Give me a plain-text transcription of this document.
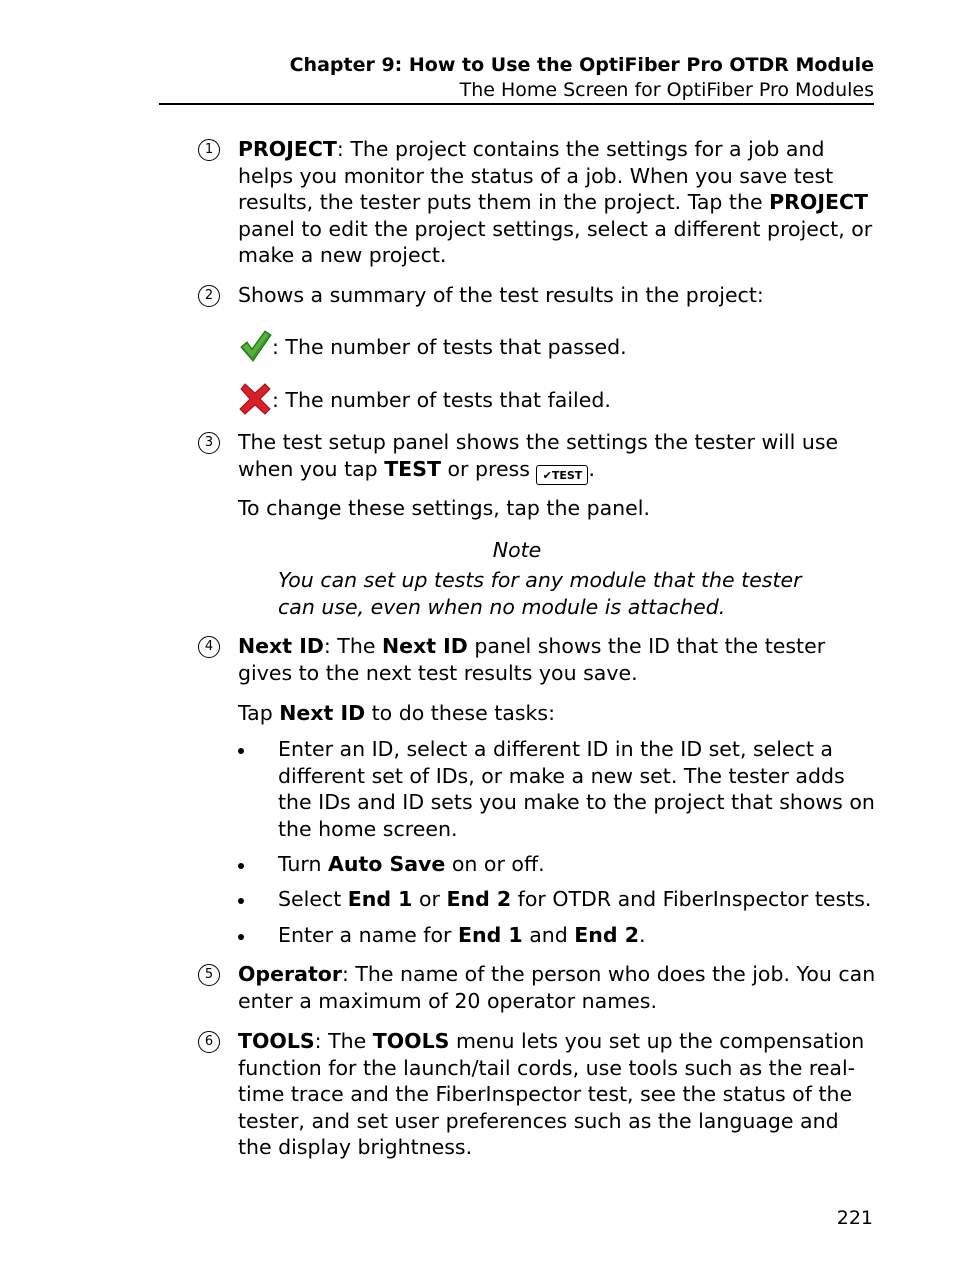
Chapter 9: How to Use the OptiFiber Pro OTDR Module
The Home Screen for OptiFiber Pro Modules
1	PROJECT: The project contains the settings for a job and helps you monitor the status of a job. When you save test results, the tester puts them in the project. Tap the PROJECT panel to edit the project settings, select a different project, or make a new project.
2	Shows a summary of the test results in the project:
: The number of tests that passed.
: The number of tests that failed.
3	The test setup panel shows the settings the tester will use when you tap TEST or press ✔TEST .
To change these settings, tap the panel.
Note
You can set up tests for any module that the tester can use, even when no module is attached.
4	Next ID: The Next ID panel shows the ID that the tester gives to the next test results you save.
Tap Next ID to do these tasks:
Enter an ID, select a different ID in the ID set, select a different set of IDs, or make a new set. The tester adds the IDs and ID sets you make to the project that shows on the home screen.
Turn Auto Save on or off.
Select End 1 or End 2 for OTDR and FiberInspector tests.
Enter a name for End 1 and End 2.
5	Operator: The name of the person who does the job. You can enter a maximum of 20 operator names.
6	TOOLS: The TOOLS menu lets you set up the compensation function for the launch/tail cords, use tools such as the real-time trace and the FiberInspector test, see the status of the tester, and set user preferences such as the language and the display brightness.
221
